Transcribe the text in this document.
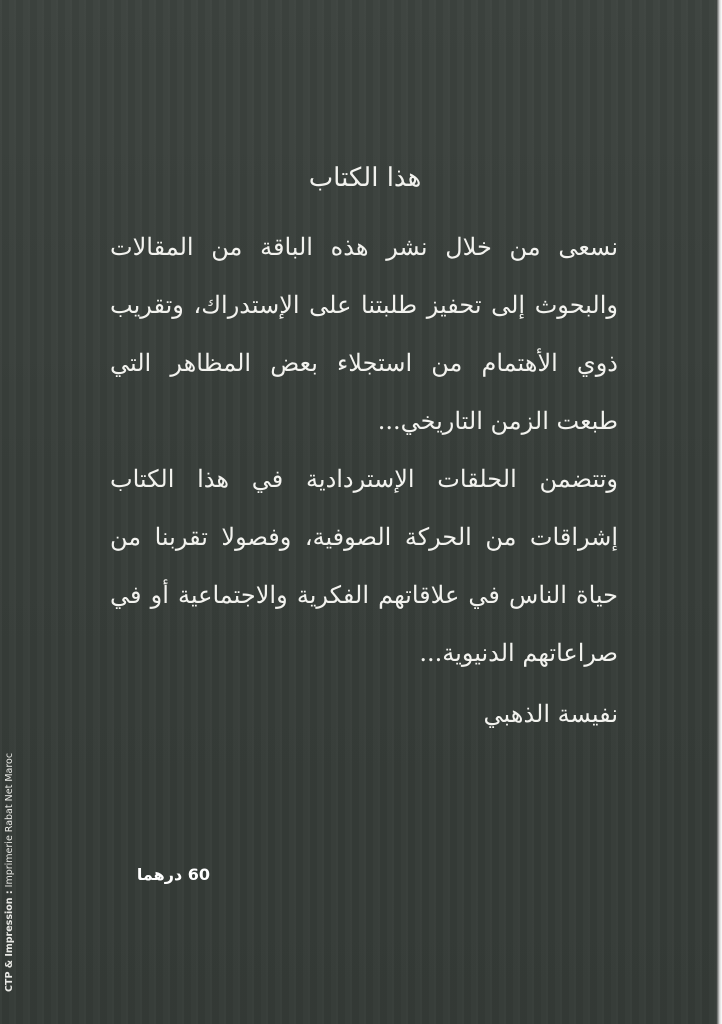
هذا الكتاب

نسعى من خلال نشر هذه الباقة من المقالات والبحوث إلى تحفيز طلبتنا على الإستدراك، وتقريب ذوي الأهتمام من استجلاء بعض المظاهر التي طبعت الزمن التاريخي...

وتتضمن الحلقات الإستردادية في هذا الكتاب إشراقات من الحركة الصوفية، وفصولا تقربنا من حياة الناس في علاقاتهم الفكرية والاجتماعية أو في صراعاتهم الدنيوية...

نفيسة الذهبي
60 درهما
CTP & Impression : Imprimerie Rabat Net Maroc
